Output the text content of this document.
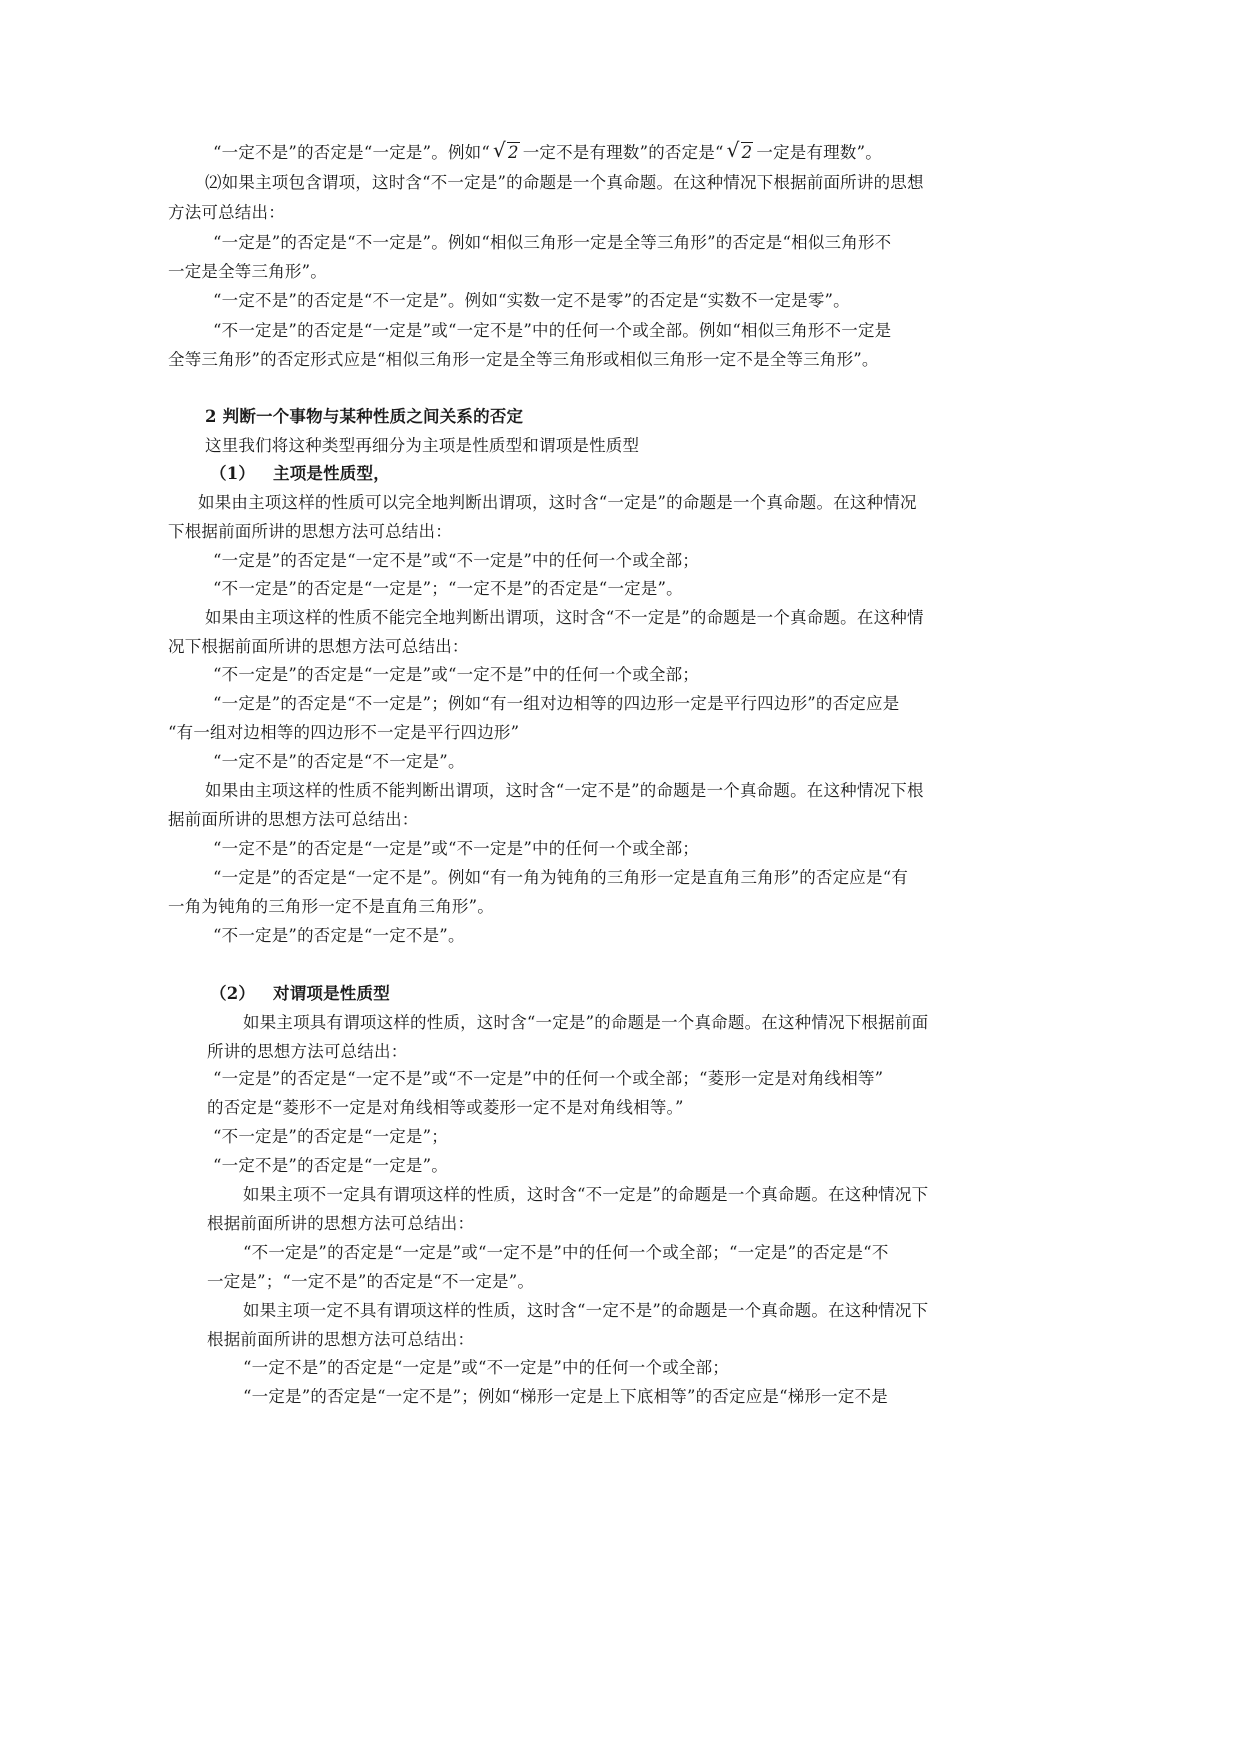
“一定不是”的否定是“一定是”。例如“ √ 2 一定不是有理数”的否定是“ √ 2 一定是有理数”。
⑵如果主项包含谓项，这时含“不一定是”的命题是一个真命题。在这种情况下根据前面所讲的思想
方法可总结出：
“一定是”的否定是“不一定是”。例如“相似三角形一定是全等三角形”的否定是“相似三角形不
一定是全等三角形”。
“一定不是”的否定是“不一定是”。例如“实数一定不是零”的否定是“实数不一定是零”。
“不一定是”的否定是“一定是”或“一定不是”中的任何一个或全部。例如“相似三角形不一定是
全等三角形”的否定形式应是“相似三角形一定是全等三角形或相似三角形一定不是全等三角形”。
2 判断一个事物与某种性质之间关系的否定
这里我们将这种类型再细分为主项是性质型和谓项是性质型
（1） 主项是性质型，
如果由主项这样的性质可以完全地判断出谓项，这时含“一定是”的命题是一个真命题。在这种情况
下根据前面所讲的思想方法可总结出：
“一定是”的否定是“一定不是”或“不一定是”中的任何一个或全部；
“不一定是”的否定是“一定是”；“一定不是”的否定是“一定是”。
如果由主项这样的性质不能完全地判断出谓项，这时含“不一定是”的命题是一个真命题。在这种情
况下根据前面所讲的思想方法可总结出：
“不一定是”的否定是“一定是”或“一定不是”中的任何一个或全部；
“一定是”的否定是“不一定是”；例如“有一组对边相等的四边形一定是平行四边形”的否定应是
“有一组对边相等的四边形不一定是平行四边形”
“一定不是”的否定是“不一定是”。
如果由主项这样的性质不能判断出谓项，这时含“一定不是”的命题是一个真命题。在这种情况下根
据前面所讲的思想方法可总结出：
“一定不是”的否定是“一定是”或“不一定是”中的任何一个或全部；
“一定是”的否定是“一定不是”。例如“有一角为钝角的三角形一定是直角三角形”的否定应是“有
一角为钝角的三角形一定不是直角三角形”。
“不一定是”的否定是“一定不是”。
（2） 对谓项是性质型
如果主项具有谓项这样的性质，这时含“一定是”的命题是一个真命题。在这种情况下根据前面
所讲的思想方法可总结出：
“一定是”的否定是“一定不是”或“不一定是”中的任何一个或全部；“菱形一定是对角线相等”
的否定是“菱形不一定是对角线相等或菱形一定不是对角线相等。”
“不一定是”的否定是“一定是”；
“一定不是”的否定是“一定是”。
如果主项不一定具有谓项这样的性质，这时含“不一定是”的命题是一个真命题。在这种情况下
根据前面所讲的思想方法可总结出：
“不一定是”的否定是“一定是”或“一定不是”中的任何一个或全部；“一定是”的否定是“不
一定是”；“一定不是”的否定是“不一定是”。
如果主项一定不具有谓项这样的性质，这时含“一定不是”的命题是一个真命题。在这种情况下
根据前面所讲的思想方法可总结出：
“一定不是”的否定是“一定是”或“不一定是”中的任何一个或全部；
“一定是”的否定是“一定不是”；例如“梯形一定是上下底相等”的否定应是“梯形一定不是
